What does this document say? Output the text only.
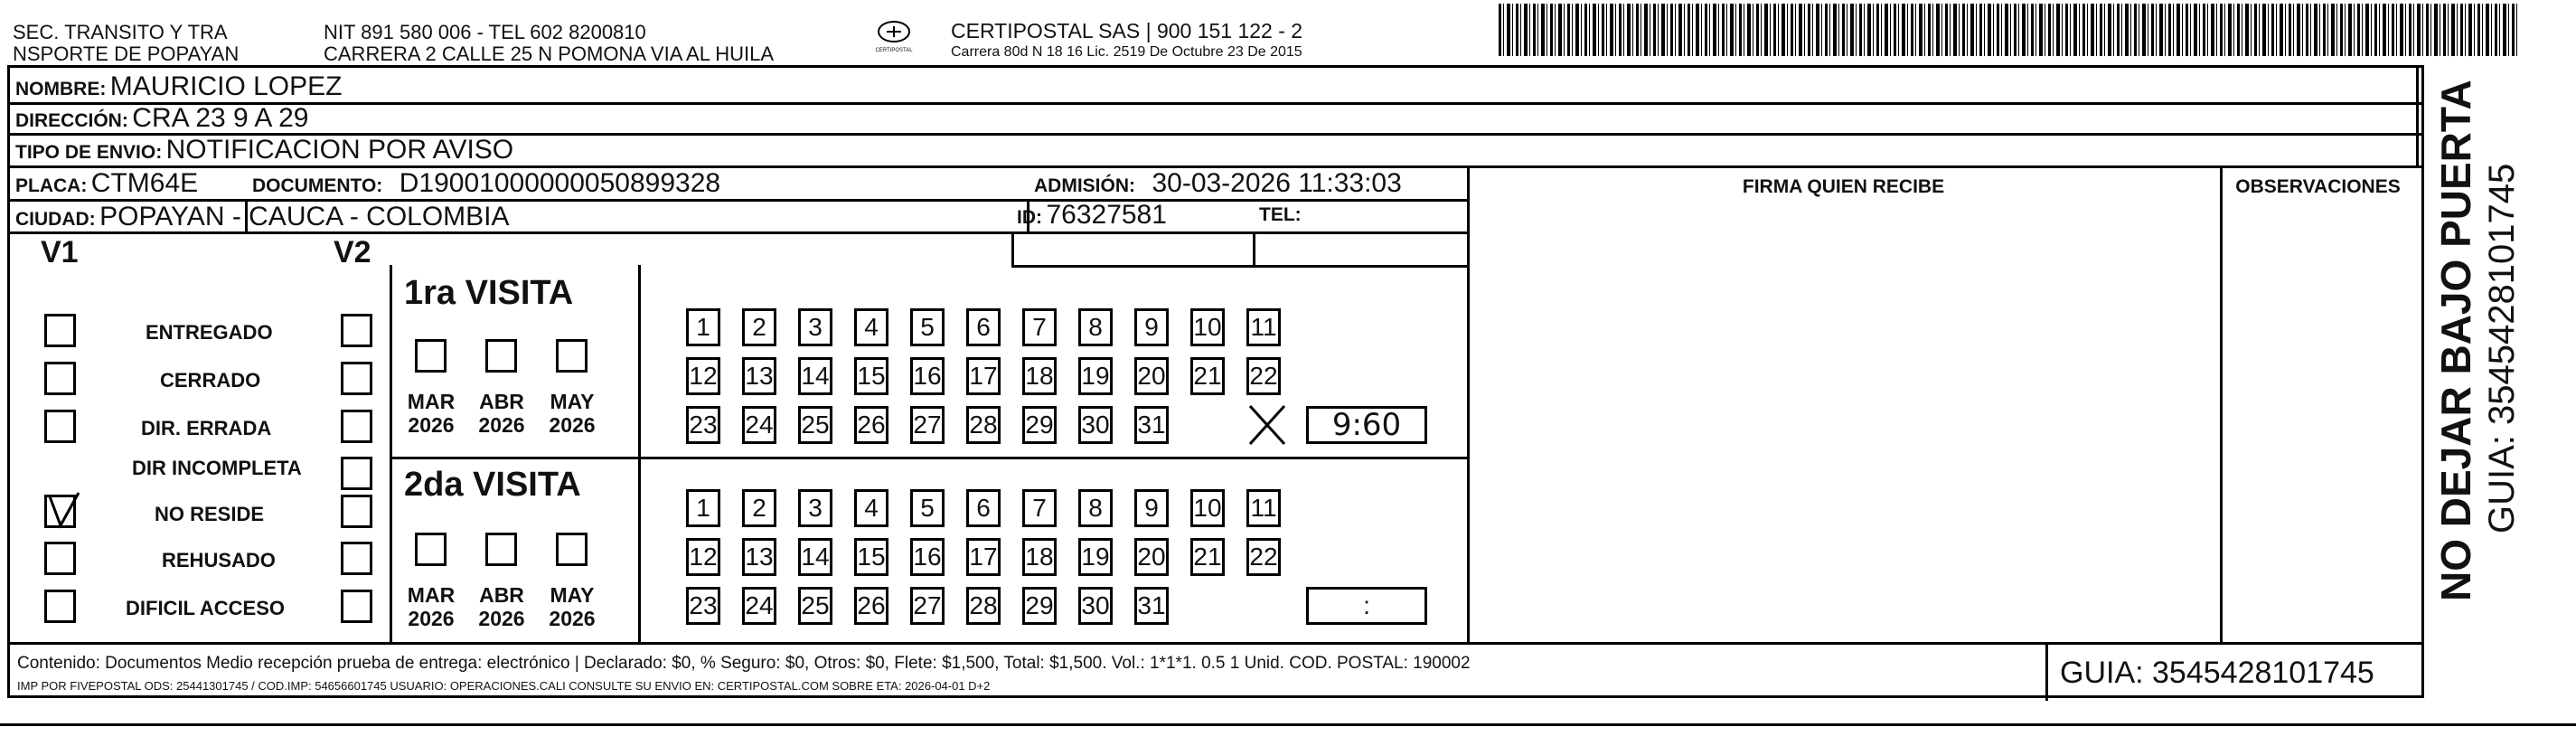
SEC. TRANSITO Y TRA
NSPORTE DE POPAYAN
NIT 891 580 006 - TEL 602 8200810
CARRERA 2 CALLE 25 N POMONA VIA AL HUILA	CERTIPOSTAL
CERTIPOSTAL SAS | 900 151 122 - 2
Carrera 80d N 18 16 Lic. 2519 De Octubre 23 De 2015
NOMBRE: MAURICIO LOPEZ
DIRECCIÓN: CRA 23 9 A 29
TIPO DE ENVIO: NOTIFICACION POR AVISO
FIRMA QUIEN RECIBE	OBSERVACIONES
PLACA: CTM64E	DOCUMENTO: D19001000000050899328	ADMISIÓN: 30-03-2026 11:33:03
CIUDAD: POPAYAN - CAUCA - COLOMBIA	ID: 76327581	TEL:
V1	V2
ENTREGADO
CERRADO
DIR. ERRADA
DIR INCOMPLETA
NO RESIDE
REHUSADO
DIFICIL ACCESO
1ra VISITA
MAR
2026
ABR
2026
MAY
2026
1	2	3	4	5	6	7	8	9	10 11
12 13 14 15 16 17 18 19 20 21 22
23 24 25 26 27 28 29 30 31	9:60
2da VISITA
MAR
2026
ABR
2026
MAY
2026
1	2	3	4	5	6	7	8	9	10 11
12 13 14 15 16 17 18 19 20 21 22
23 24 25 26 27 28 29 30 31	:
Contenido: Documentos Medio recepción prueba de entrega: electrónico | Declarado: $0, % Seguro: $0, Otros: $0, Flete: $1,500, Total: $1,500. Vol.: 1*1*1. 0.5 1 Unid. COD. POSTAL: 190002
IMP POR FIVEPOSTAL ODS: 25441301745 / COD.IMP: 54656601745 USUARIO: OPERACIONES.CALI CONSULTE SU ENVIO EN: CERTIPOSTAL.COM SOBRE ETA: 2026-04-01 D+2	GUIA: 3545428101745
NO DEJAR BAJO PUERTA GUIA: 3545428101745
